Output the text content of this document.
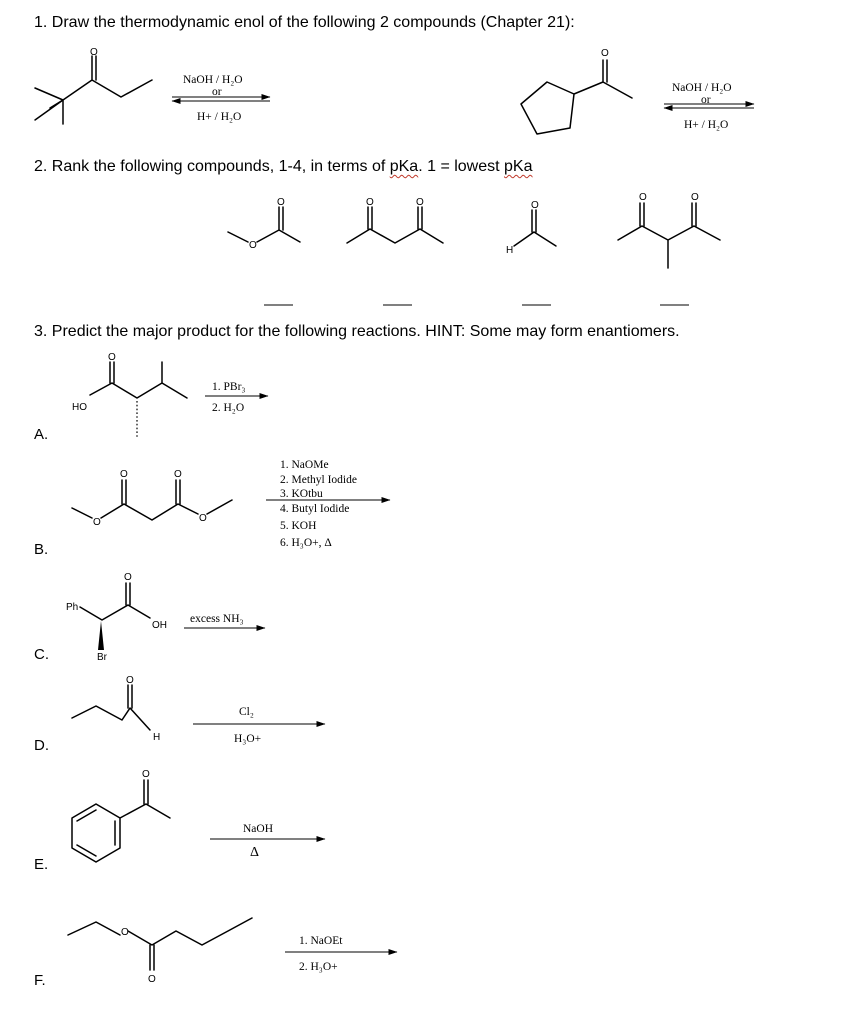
1. Draw the thermodynamic enol of the following 2 compounds (Chapter 21):
2. Rank the following compounds, 1-4, in terms of pKa. 1 = lowest pKa
3. Predict the major product for the following reactions. HINT: Some may form enantiomers.
A.
B.
C.
D.
E.
F.
O
NaOH / H₂O
or
H+ / H₂O
O
NaOH / H₂O
or
H+ / H₂O
O
O	O	O
H
O
O	O
HO
O
1. PBr₃
2. H₂O
O
O	O
O
1. NaOMe
2. Methyl Iodide
3. KOtbu
4. Butyl Iodide
5. KOH
6. H₃O+, Δ
Ph
O
OH
Br
excess NH₃
O
H
Cl₂
H₃O+
O
NaOH
Δ
O
O
1. NaOEt
2. H₃O+
